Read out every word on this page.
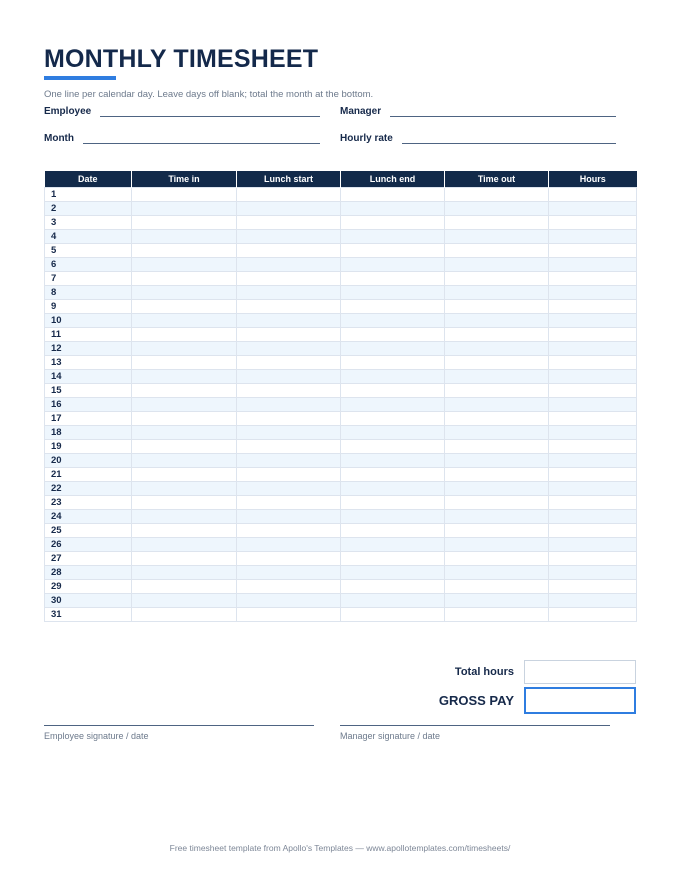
MONTHLY TIMESHEET
One line per calendar day. Leave days off blank; total the month at the bottom.
Employee	Manager
Month	Hourly rate
Date	Time in	Lunch start	Lunch end	Time out	Hours
1					
2					
3					
4					
5					
6					
7					
8					
9					
10					
11					
12					
13					
14					
15					
16					
17					
18					
19					
20					
21					
22					
23					
24					
25					
26					
27					
28					
29					
30					
31					
Total hours
GROSS PAY
Employee signature / date	Manager signature / date
Free timesheet template from Apollo's Templates — www.apollotemplates.com/timesheets/
